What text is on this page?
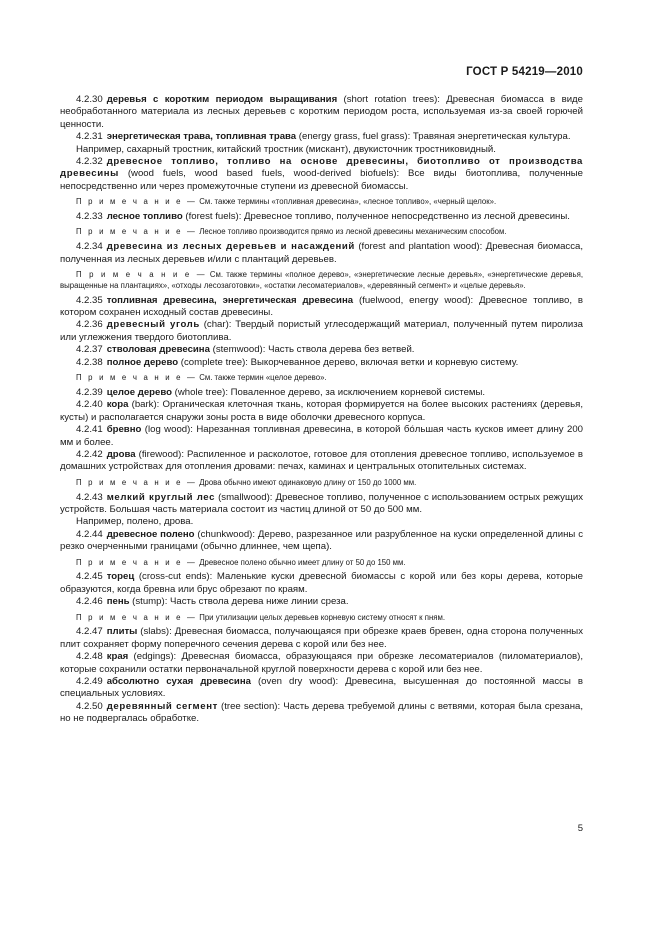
ГОСТ Р 54219—2010

4.2.30 деревья с коротким периодом выращивания (short rotation trees): Древесная биомасса в виде необработанного материала из лесных деревьев с коротким периодом роста, используемая из-за своей горючей ценности.

4.2.31 энергетическая трава, топливная трава (energy grass, fuel grass): Травяная энергетическая культура.

Например, сахарный тростник, китайский тростник (мискант), двукисточник тростниковидный.

4.2.32 древесное топливо, топливо на основе древесины, биотопливо от производства древесины (wood fuels, wood based fuels, wood-derived biofuels): Все виды биотоплива, полученные непосредственно или через промежуточные ступени из древесной биомассы.

П р и м е ч а н и е — См. также термины «топливная древесина», «лесное топливо», «черный щелок».

4.2.33 лесное топливо (forest fuels): Древесное топливо, полученное непосредственно из лесной древесины.

П р и м е ч а н и е — Лесное топливо производится прямо из лесной древесины механическим способом.

4.2.34 древесина из лесных деревьев и насаждений (forest and plantation wood): Древесная биомасса, полученная из лесных деревьев и/или с плантаций деревьев.

П р и м е ч а н и е — См. также термины «полное дерево», «энергетические лесные деревья», «энергетические деревья, выращенные на плантациях», «отходы лесозаготовки», «остатки лесоматериалов», «деревянный сегмент» и «целые деревья».

4.2.35 топливная древесина, энергетическая древесина (fuelwood, energy wood): Древесное топливо, в котором сохранен исходный состав древесины.

4.2.36 древесный уголь (char): Твердый пористый углесодержащий материал, полученный путем пиролиза или углежжения твердого биотоплива.

4.2.37 стволовая древесина (stemwood): Часть ствола дерева без ветвей.

4.2.38 полное дерево (complete tree): Выкорчеванное дерево, включая ветки и корневую систему.

П р и м е ч а н и е — См. также термин «целое дерево».

4.2.39 целое дерево (whole tree): Поваленное дерево, за исключением корневой системы.

4.2.40 кора (bark): Органическая клеточная ткань, которая формируется на более высоких растениях (деревья, кусты) и располагается снаружи зоны роста в виде оболочки древесного корпуса.

4.2.41 бревно (log wood): Нарезанная топливная древесина, в которой бóльшая часть кусков имеет длину 200 мм и более.

4.2.42 дрова (firewood): Распиленное и расколотое, готовое для отопления древесное топливо, используемое в домашних устройствах для отопления дровами: печах, каминах и центральных отопительных системах.

П р и м е ч а н и е — Дрова обычно имеют одинаковую длину от 150 до 1000 мм.

4.2.43 мелкий круглый лес (smallwood): Древесное топливо, полученное с использованием острых режущих устройств. Большая часть материала состоит из частиц длиной от 50 до 500 мм.

Например, полено, дрова.

4.2.44 древесное полено (chunkwood): Дерево, разрезанное или разрубленное на куски определенной длины с резко очерченными границами (обычно длиннее, чем щепа).

П р и м е ч а н и е — Древесное полено обычно имеет длину от 50 до 150 мм.

4.2.45 торец (cross-cut ends): Маленькие куски древесной биомассы с корой или без коры дерева, которые образуются, когда бревна или брус обрезают по краям.

4.2.46 пень (stump): Часть ствола дерева ниже линии среза.

П р и м е ч а н и е — При утилизации целых деревьев корневую систему относят к пням.

4.2.47 плиты (slabs): Древесная биомасса, получающаяся при обрезке краев бревен, одна сторона полученных плит сохраняет форму поперечного сечения дерева с корой или без нее.

4.2.48 края (edgings): Древесная биомасса, образующаяся при обрезке лесоматериалов (пиломатериалов), которые сохранили остатки первоначальной круглой поверхности дерева с корой или без нее.

4.2.49 абсолютно сухая древесина (oven dry wood): Древесина, высушенная до постоянной массы в специальных условиях.

4.2.50 деревянный сегмент (tree section): Часть дерева требуемой длины с ветвями, которая была срезана, но не подвергалась обработке.

5
